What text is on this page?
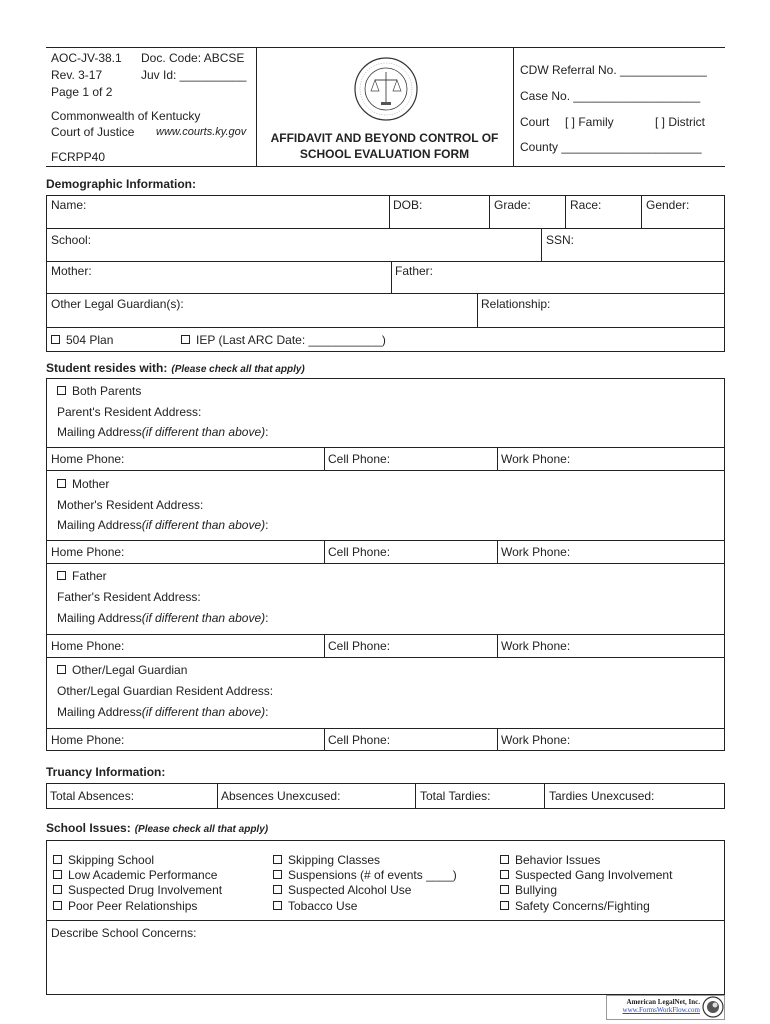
AOC-JV-38.1 Doc. Code: ABCSE
Rev. 3-17	Juv Id: __________
Page 1 of 2
Commonwealth of Kentucky
Court of Justice www.courts.ky.gov
FCRPP40
AFFIDAVIT AND BEYOND CONTROL OF
SCHOOL EVALUATION FORM
CDW Referral No. _____________
Case No. ___________________
Court [ ] Family	[ ] District
County _____________________
Demographic Information:
Name:	DOB:	Grade:	Race:	Gender:
School:	SSN:
Mother:	Father:
Other Legal Guardian(s):	Relationship:
504 Plan	IEP (Last ARC Date: ___________)
Student resides with: (Please check all that apply)
Both Parents
Parent's Resident Address:
Mailing Address(if different than above):
Home Phone:	Cell Phone:	Work Phone:
Mother
Mother's Resident Address:
Mailing Address(if different than above):
Home Phone:	Cell Phone:	Work Phone:
Father
Father's Resident Address:
Mailing Address(if different than above):
Home Phone:	Cell Phone:	Work Phone:
Other/Legal Guardian
Other/Legal Guardian Resident Address:
Mailing Address(if different than above):
Home Phone:	Cell Phone:	Work Phone:
Truancy Information:
Total Absences:	Absences Unexcused:	Total Tardies:	Tardies Unexcused:
School Issues: (Please check all that apply)
Skipping School
Low Academic Performance
Suspected Drug Involvement
Poor Peer Relationships
Skipping Classes
Suspensions (# of events ____)
Suspected Alcohol Use
Tobacco Use
Behavior Issues
Suspected Gang Involvement
Bullying
Safety Concerns/Fighting
Describe School Concerns:
American LegalNet, Inc.
www.FormsWorkFlow.com
